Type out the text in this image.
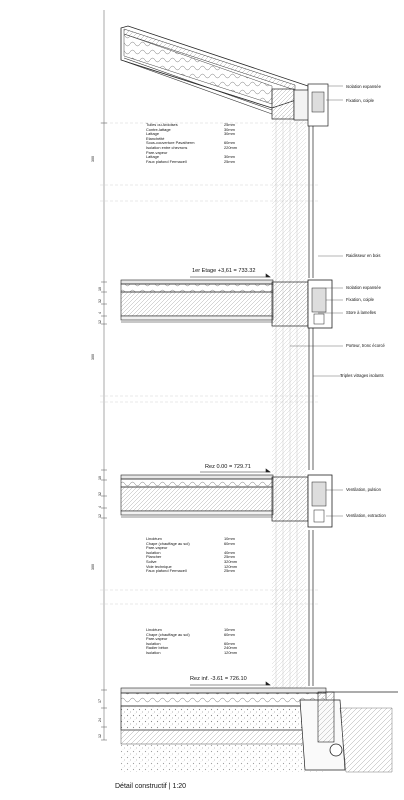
Isolation expansée
Fixation, coiple
Raidisseur en bois
Isolation expansée
Fixation, coiple
Store à lamelles
Porteur, tronc écorcé
Triples vitrages isolants
Ventilation, pulsion
Ventilation, extraction
1er Etage +3,61 = 733.32
Rez 0.00 = 729.71
Rez inf. -3.61 = 726.10
300
10
32
4
12
300
10
32
4
12
300
17
24
12
Tuiles ou Ardoises	25mm
Contre-lattage	30mm
Lattage	30mm
Etanchéité
Sous-couverture Pavatherm	60mm
Isolation entre chevrons	220mm
Pare-vapeur
Lattage	30mm
Faux plafond Fermacell	25mm
Linoléum	10mm
Chape (chauffage au sol)	60mm
Pare-vapeur
Isolation	40mm
Plancher	25mm
Solive	320mm
Vide technique	120mm
Faux plafond Fermacell	25mm
Linoléum	10mm
Chape (chauffage au sol)	60mm
Pare-vapeur
Isolation	60mm
Radier béton	240mm
Isolation	120mm
Détail constructif | 1:20
